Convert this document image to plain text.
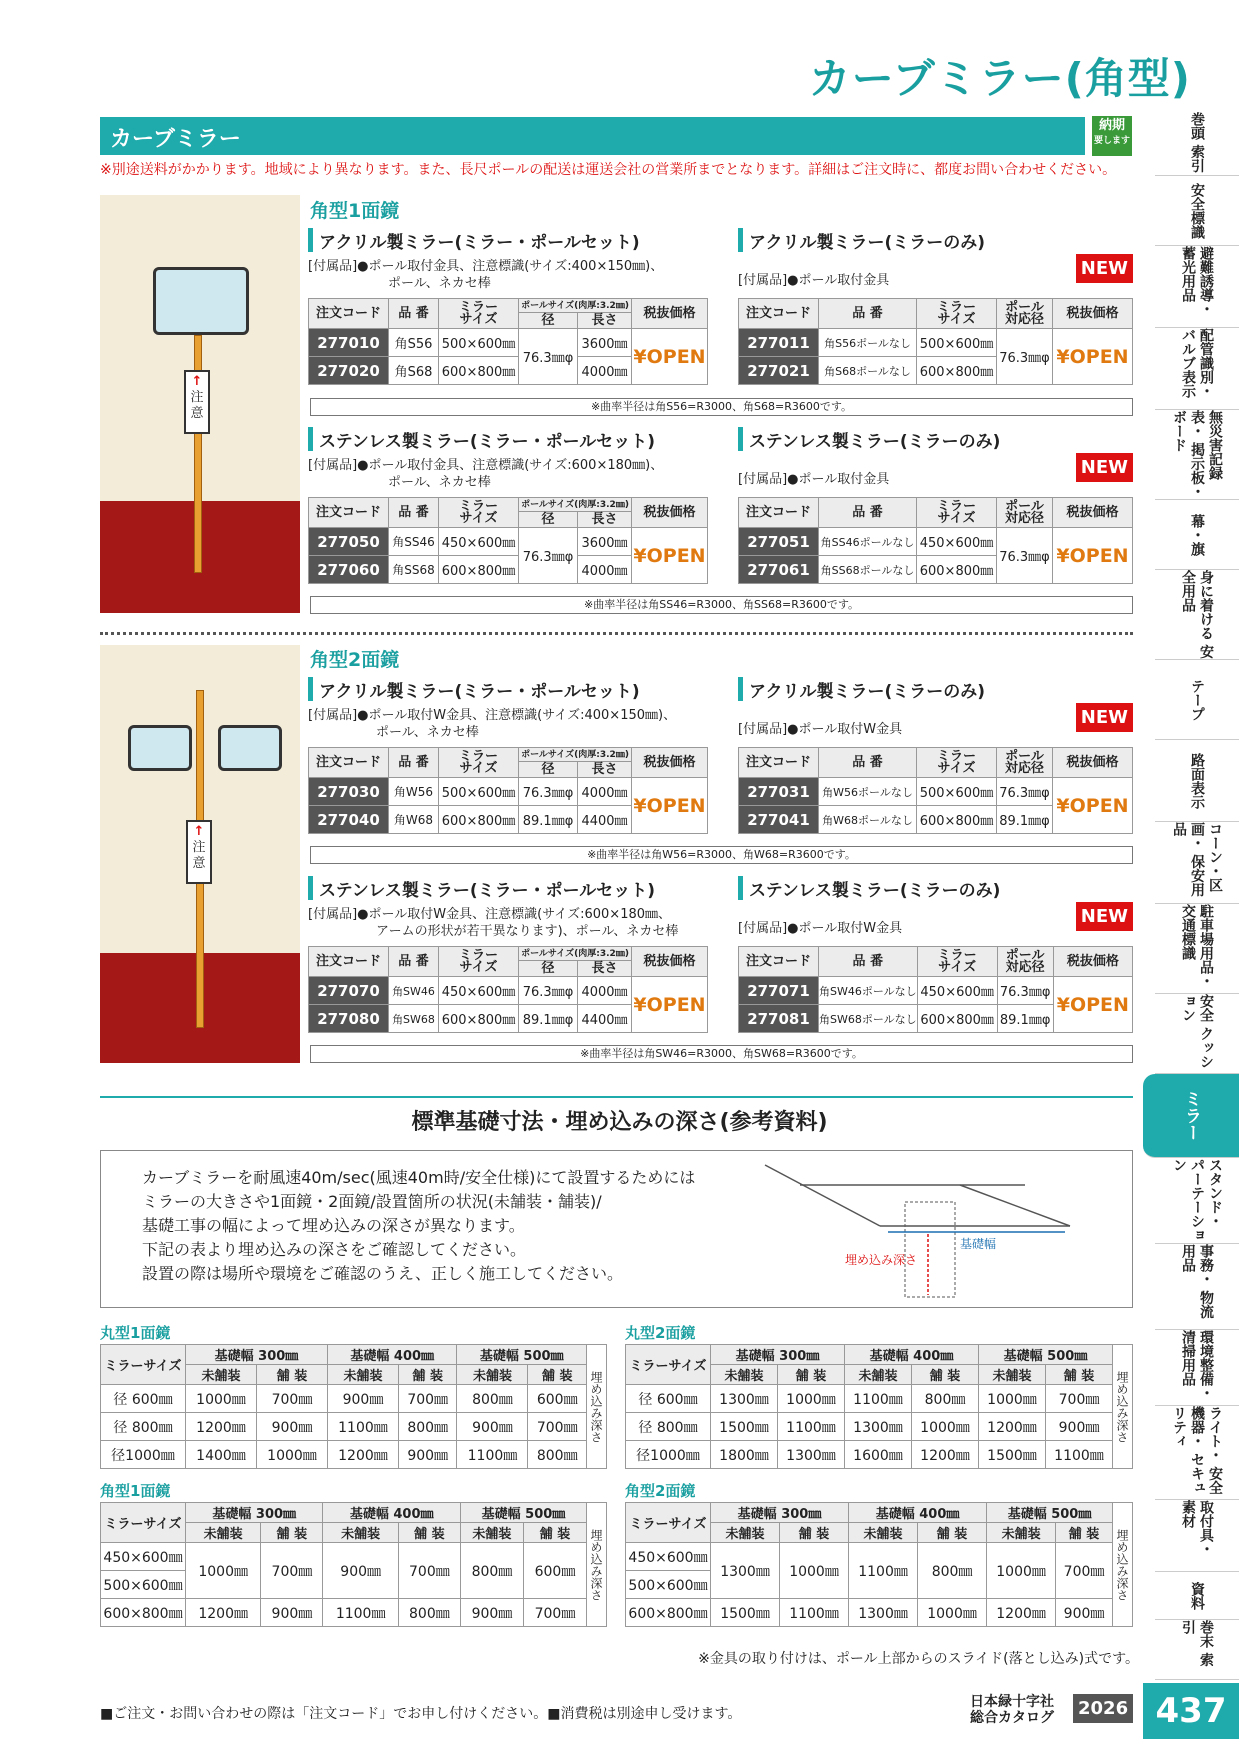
カーブミラー(角型)
カーブミラー
納期
要します
※別途送料がかかります。地域により異なります。また、長尺ポールの配送は運送会社の営業所までとなります。詳細はご注文時に、都度お問い合わせください。
↑
注意
↑
注意
角型1面鏡
アクリル製ミラー(ミラー・ポールセット)
[付属品]●ポール取付金具、注意標識(サイズ:400×150㎜)、
ポール、ネカセ棒
注文コード	品 番	ミラー
サイズ	ポールサイズ(肉厚:3.2㎜)		税抜価格
			径	長さ	
277010	角S56	500×600㎜	76.3㎜φ	3600㎜	¥OPEN
277020	角S68	600×800㎜		4000㎜	
アクリル製ミラー(ミラーのみ)
NEW
[付属品]●ポール取付金具
注文コード	品 番	ミラー
サイズ	ポール
対応径	税抜価格
277011	角S56ポールなし	500×600㎜	76.3㎜φ	¥OPEN
277021	角S68ポールなし	600×800㎜		
※曲率半径は角S56=R3000、角S68=R3600です。
ステンレス製ミラー(ミラー・ポールセット)
[付属品]●ポール取付金具、注意標識(サイズ:600×180㎜)、
ポール、ネカセ棒
注文コード	品 番	ミラー
サイズ	ポールサイズ(肉厚:3.2㎜)		税抜価格
			径	長さ	
277050	角SS46	450×600㎜	76.3㎜φ	3600㎜	¥OPEN
277060	角SS68	600×800㎜		4000㎜	
ステンレス製ミラー(ミラーのみ)
NEW
[付属品]●ポール取付金具
注文コード	品 番	ミラー
サイズ	ポール
対応径	税抜価格
277051	角SS46ポールなし	450×600㎜	76.3㎜φ	¥OPEN
277061	角SS68ポールなし	600×800㎜		
※曲率半径は角SS46=R3000、角SS68=R3600です。
角型2面鏡
アクリル製ミラー(ミラー・ポールセット)
[付属品]●ポール取付W金具、注意標識(サイズ:400×150㎜)、
ポール、ネカセ棒
注文コード	品 番	ミラー
サイズ	ポールサイズ(肉厚:3.2㎜)		税抜価格
			径	長さ	
277030	角W56	500×600㎜	76.3㎜φ	4000㎜	¥OPEN
277040	角W68	600×800㎜	89.1㎜φ	4400㎜	
アクリル製ミラー(ミラーのみ)
NEW
[付属品]●ポール取付W金具
注文コード	品 番	ミラー
サイズ	ポール
対応径	税抜価格
277031	角W56ポールなし	500×600㎜	76.3㎜φ	¥OPEN
277041	角W68ポールなし	600×800㎜	89.1㎜φ	
※曲率半径は角W56=R3000、角W68=R3600です。
ステンレス製ミラー(ミラー・ポールセット)
[付属品]●ポール取付W金具、注意標識(サイズ:600×180㎜、
アームの形状が若干異なります)、ポール、ネカセ棒
注文コード	品 番	ミラー
サイズ	ポールサイズ(肉厚:3.2㎜)		税抜価格
			径	長さ	
277070	角SW46	450×600㎜	76.3㎜φ	4000㎜	¥OPEN
277080	角SW68	600×800㎜	89.1㎜φ	4400㎜	
ステンレス製ミラー(ミラーのみ)
NEW
[付属品]●ポール取付W金具
注文コード	品 番	ミラー
サイズ	ポール
対応径	税抜価格
277071	角SW46ポールなし	450×600㎜	76.3㎜φ	¥OPEN
277081	角SW68ポールなし	600×800㎜	89.1㎜φ	
※曲率半径は角SW46=R3000、角SW68=R3600です。
標準基礎寸法・埋め込みの深さ(参考資料)
カーブミラーを耐風速40m/sec(風速40m時/安全仕様)にて設置するためには
ミラーの大きさや1面鏡・2面鏡/設置箇所の状況(未舗装・舗装)/
基礎工事の幅によって埋め込みの深さが異なります。
下記の表より埋め込みの深さをご確認してください。
設置の際は場所や環境をご確認のうえ、正しく施工してください。
基礎幅
埋め込み深さ
丸型1面鏡
ミラーサイズ	基礎幅 300㎜		基礎幅 400㎜		基礎幅 500㎜		埋め込み深さ
	未舗装	舗 装	未舗装	舗 装	未舗装	舗 装	
径 600㎜	1000㎜	700㎜	900㎜	700㎜	800㎜	600㎜	
径 800㎜	1200㎜	900㎜	1100㎜	800㎜	900㎜	700㎜	
径1000㎜	1400㎜	1000㎜	1200㎜	900㎜	1100㎜	800㎜	
丸型2面鏡
ミラーサイズ	基礎幅 300㎜		基礎幅 400㎜		基礎幅 500㎜		埋め込み深さ
	未舗装	舗 装	未舗装	舗 装	未舗装	舗 装	
径 600㎜	1300㎜	1000㎜	1100㎜	800㎜	1000㎜	700㎜	
径 800㎜	1500㎜	1100㎜	1300㎜	1000㎜	1200㎜	900㎜	
径1000㎜	1800㎜	1300㎜	1600㎜	1200㎜	1500㎜	1100㎜	
角型1面鏡
ミラーサイズ	基礎幅 300㎜		基礎幅 400㎜		基礎幅 500㎜		埋め込み深さ
	未舗装	舗 装	未舗装	舗 装	未舗装	舗 装	
450×600㎜	1000㎜	700㎜	900㎜	700㎜	800㎜	600㎜	
500×600㎜							
600×800㎜	1200㎜	900㎜	1100㎜	800㎜	900㎜	700㎜	
角型2面鏡
ミラーサイズ	基礎幅 300㎜		基礎幅 400㎜		基礎幅 500㎜		埋め込み深さ
	未舗装	舗 装	未舗装	舗 装	未舗装	舗 装	
450×600㎜	1300㎜	1000㎜	1100㎜	800㎜	1000㎜	700㎜	
500×600㎜							
600×800㎜	1500㎜	1100㎜	1300㎜	1000㎜	1200㎜	900㎜	
※金具の取り付けは、ポール上部からのスライド(落とし込み)式です。
■ご注文・お問い合わせの際は「注文コード」でお申し付けください。■消費税は別途申し受けます。
日本緑十字社
総合カタログ 2026 437
巻頭 索引
安全標識
避難誘導・ 蓄光用品
配管識別・ バルブ表示
無災害記録表・ 掲示板・ボード
幕・旗
身に着ける 安全用品
テープ
路面表示
コーン・区画・ 保安用品
駐車場用品・ 交通標識
安全 クッション
ミラー
スタンド・ パーテーション
事務・ 物流用品
環境整備・ 清掃用品
ライト・ 安全機器・ セキュリティ
取付具・ 素材
資料
巻末 索引
